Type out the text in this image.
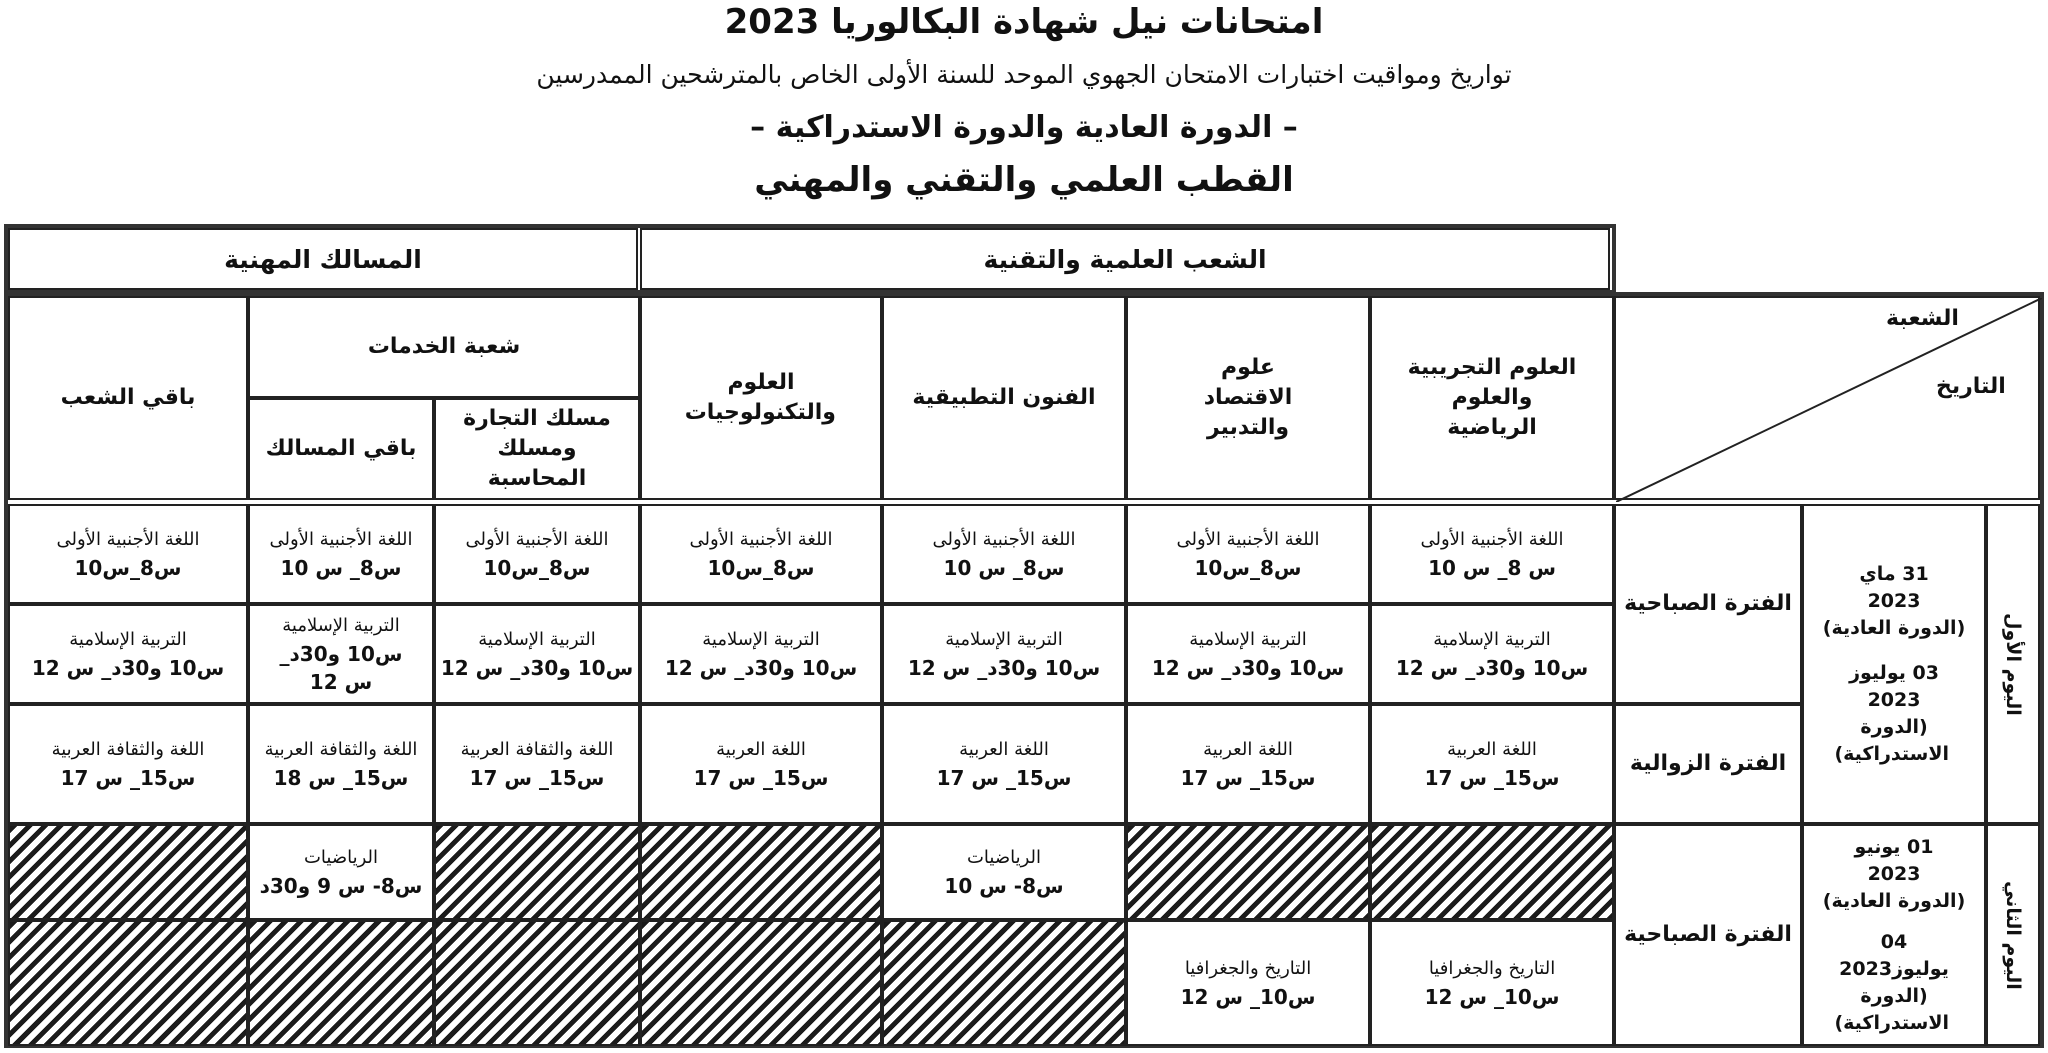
امتحانات نيل شهادة البكالوريا 2023
تواريخ ومواقيت اختبارات الامتحان الجهوي الموحد للسنة الأولى الخاص بالمترشحين الممدرسين
– الدورة العادية والدورة الاستدراكية –
القطب العلمي والتقني والمهني
الشعب العلمية والتقنية
المسالك المهنية
الشعبة
التاريخ
العلوم التجريبية والعلوم الرياضية
علوم الاقتصاد والتدبير
الفنون التطبيقية
العلوم والتكنولوجيات
شعبة الخدمات
مسلك التجارة ومسلك المحاسبة
باقي المسالك
باقي الشعب
اليوم الأول
31 ماي 2023
(الدورة العادية)
03 يوليوز 2023
(الدورة الاستدراكية)
الفترة الصباحية
الفترة الزوالية
اللغة الأجنبية الأولى
س 8_ س 10
اللغة الأجنبية الأولى
س8_س10
اللغة الأجنبية الأولى
س8_ س 10
اللغة الأجنبية الأولى
س8_س10
اللغة الأجنبية الأولى
س8_س10
اللغة الأجنبية الأولى
س8_ س 10
اللغة الأجنبية الأولى
س8_س10
التربية الإسلامية
س10 و30د_ س 12
التربية الإسلامية
س10 و30د_ س 12
التربية الإسلامية
س10 و30د_ س 12
التربية الإسلامية
س10 و30د_ س 12
التربية الإسلامية
س10 و30د_ س 12
التربية الإسلامية
س10 و30د_ س 12
التربية الإسلامية
س10 و30د_ س 12
اللغة العربية
س15_ س 17
اللغة العربية
س15_ س 17
اللغة العربية
س15_ س 17
اللغة العربية
س15_ س 17
اللغة والثقافة العربية
س15_ س 17
اللغة والثقافة العربية
س15_ س 18
اللغة والثقافة العربية
س15_ س 17
اليوم الثاني
01 يونيو 2023
(الدورة العادية)
04 يوليوز2023
(الدورة الاستدراكية)
الفترة الصباحية
الرياضيات
س8- س 10
الرياضيات
س8- س 9 و30د
التاريخ والجغرافيا
س10_ س 12
التاريخ والجغرافيا
س10_ س 12
